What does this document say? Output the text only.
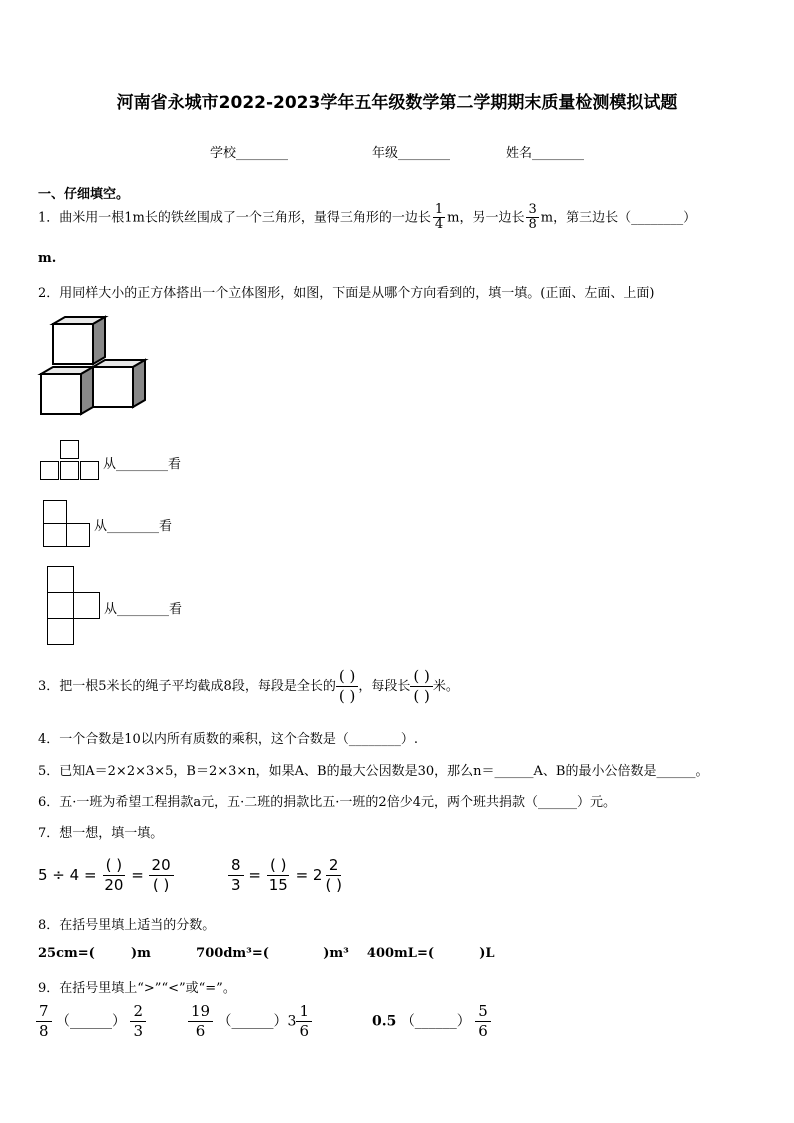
河南省永城市2022-2023学年五年级数学第二学期期末质量检测模拟试题
学校________	年级________	姓名________
一、仔细填空。
1．曲米用一根1m长的铁丝围成了一个三角形，量得三角形的一边长 $\frac{1}{4}$ m，另一边长 $\frac{3}{8}$ m，第三边长（________）
m.
2．用同样大小的正方体搭出一个立体图形，如图，下面是从哪个方向看到的，填一填。(正面、左面、上面)
从________看
从________看
从________看
3．把一根5米长的绳子平均截成8段，每段是全长的
( )
( )
，每段长
( )
( )
米。
4．一个合数是10以内所有质数的乘积，这个合数是（________）.
5．已知A＝2×2×3×5，B＝2×3×n，如果A、B的最大公因数是30，那么n＝______A、B的最小公倍数是______。
6．五·一班为希望工程捐款a元，五·二班的捐款比五·一班的2倍少4元，两个班共捐款（______）元。
7．想一想，填一填。
5 ÷ 4 =
( )
20
=
20
( )	$\frac{8}{3}$ =
( )
15
= 2
2
( )
8．在括号里填上适当的分数。
25cm=(        )m          700dm³=(            )m³    400mL=(          )L
9．在括号里填上“>”“<”或“=”。
$\frac{7}{8}$ （______） $\frac{2}{3}$	$\frac{19}{6}$ （______）3 $\frac{1}{6}$	0.5 （______） $\frac{5}{6}$
